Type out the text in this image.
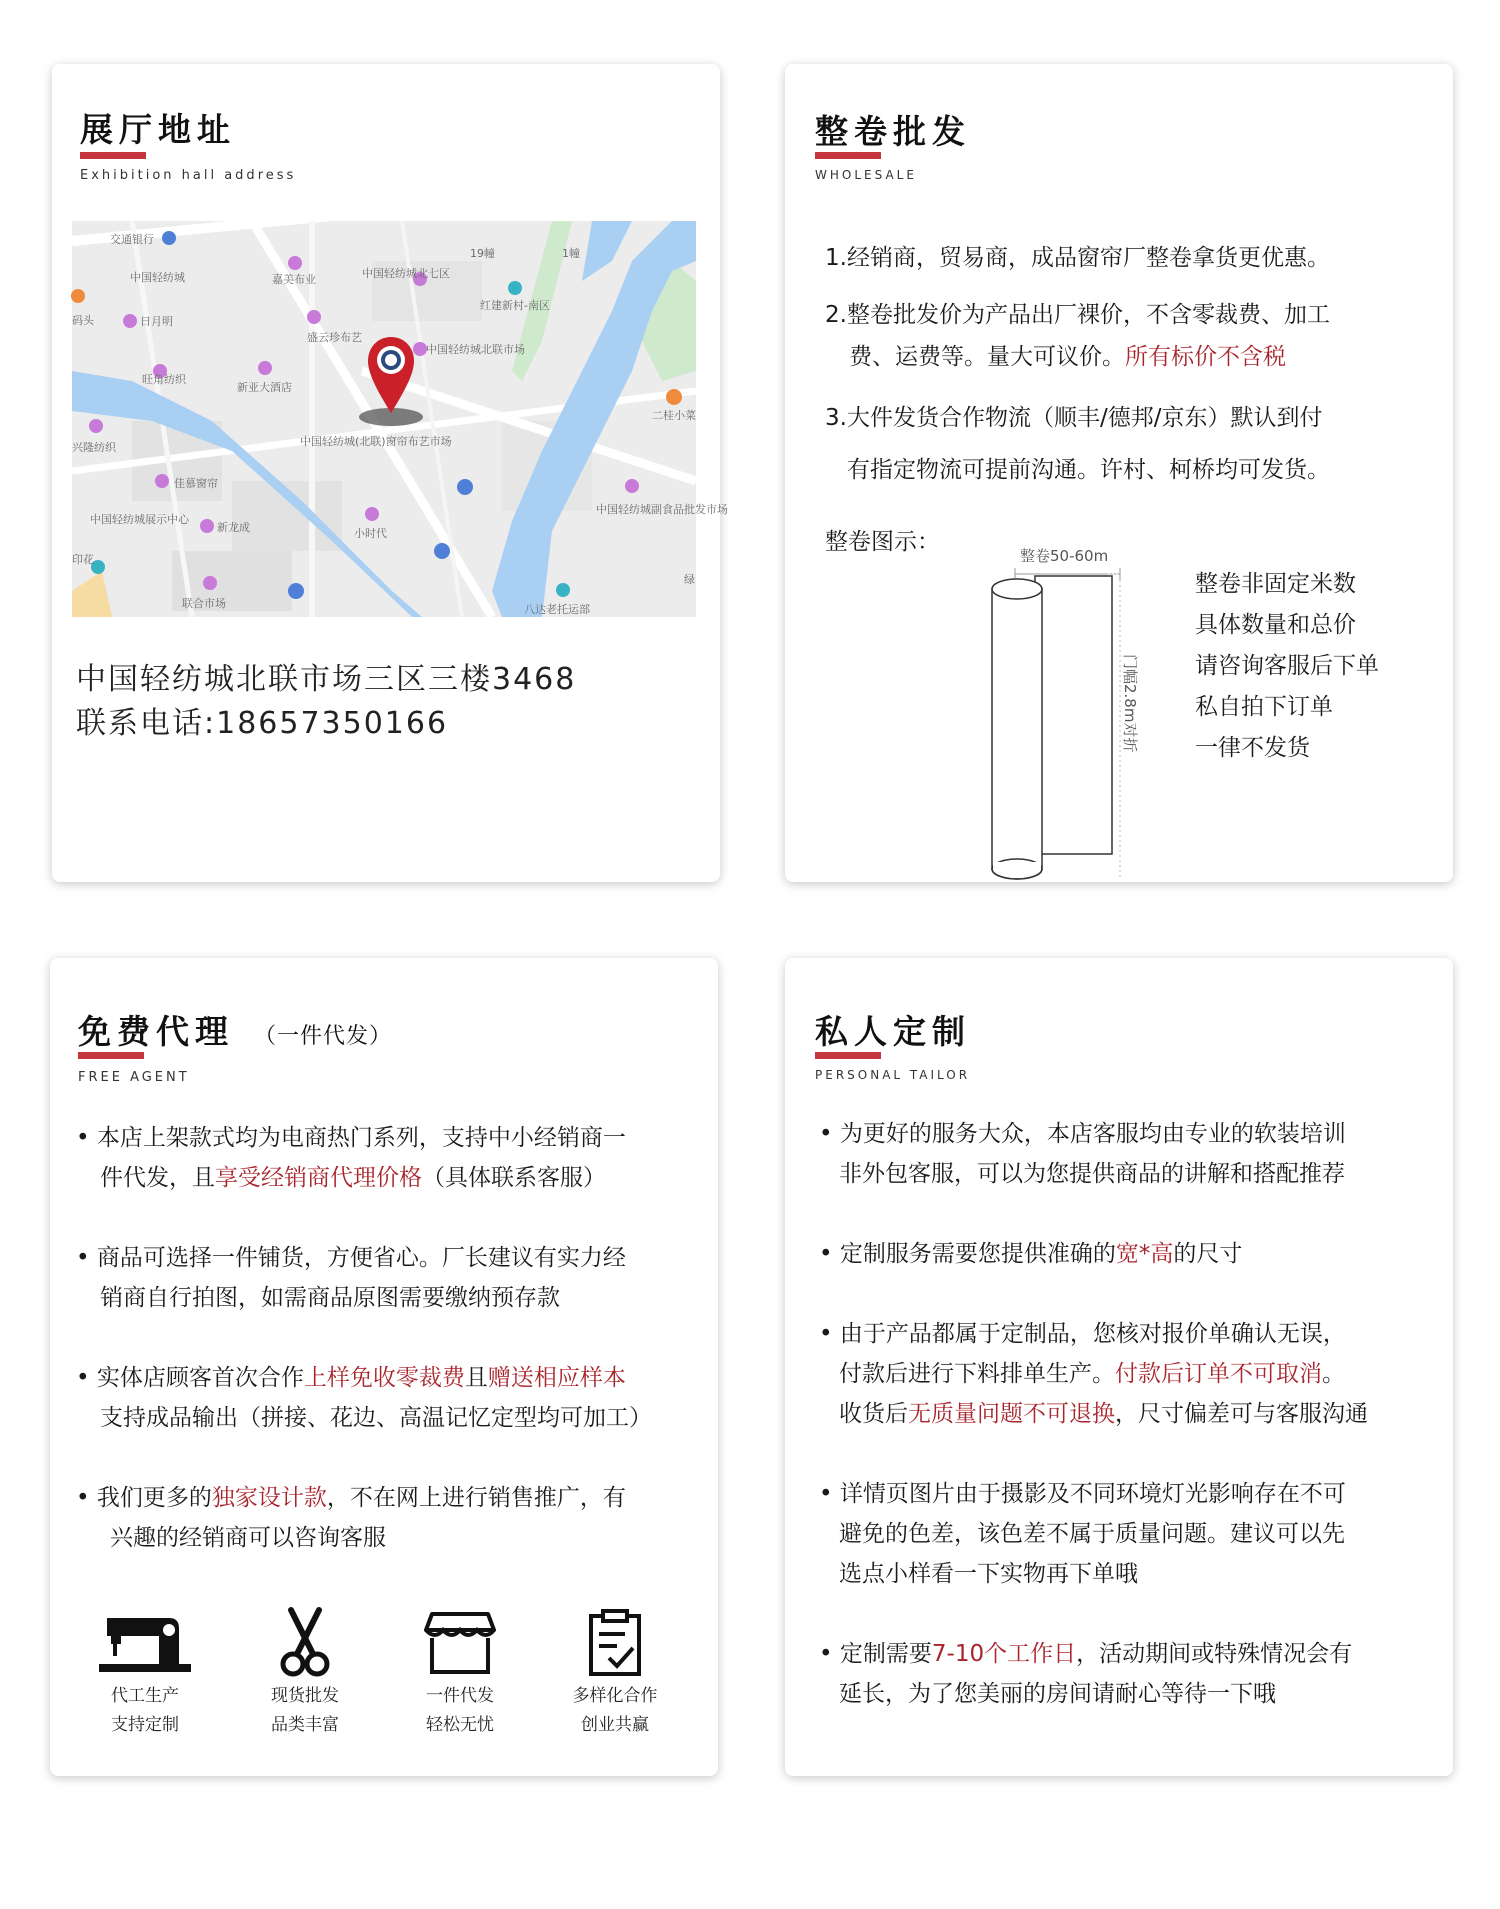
展厅地址
Exhibition hall address
交通银行
中国轻纺城	嘉美布业	中国轻纺城北七区
19幢	1幢
红建新村-南区
码头	日月明
盛云珍布艺
中国轻纺城北联市场
旺角纺织
新亚大酒店
二桂小菜
兴隆纺织	中国轻纺城(北联)窗帘布艺市场
佳慕窗帘
中国轻纺城副食品批发市场
中国轻纺城展示中心
新龙成	小时代
印花
联合市场	八达老托运部
绿
中国轻纺城北联市场三区三楼3468
联系电话:18657350166
整卷批发
WHOLESALE
1.经销商，贸易商，成品窗帘厂整卷拿货更优惠。
2.整卷批发价为产品出厂裸价，不含零裁费、加工
费、运费等。量大可议价。所有标价不含税
3.大件发货合作物流（顺丰/德邦/京东）默认到付
有指定物流可提前沟通。许村、柯桥均可发货。
整卷图示：
整卷50-60m
门幅2.8m对折
整卷非固定米数
具体数量和总价
请咨询客服后下单
私自拍下订单
一律不发货
免费代理 （一件代发）
FREE AGENT
• 本店上架款式均为电商热门系列，支持中小经销商一
件代发，且享受经销商代理价格（具体联系客服）
• 商品可选择一件铺货，方便省心。厂长建议有实力经
销商自行拍图，如需商品原图需要缴纳预存款
• 实体店顾客首次合作上样免收零裁费且赠送相应样本
支持成品输出（拼接、花边、高温记忆定型均可加工）
• 我们更多的独家设计款，不在网上进行销售推广，有
兴趣的经销商可以咨询客服
代工生产
支持定制
现货批发
品类丰富
一件代发
轻松无忧
多样化合作
创业共赢
私人定制
PERSONAL TAILOR
• 为更好的服务大众，本店客服均由专业的软装培训
非外包客服，可以为您提供商品的讲解和搭配推荐
• 定制服务需要您提供准确的宽*高的尺寸
• 由于产品都属于定制品，您核对报价单确认无误，
付款后进行下料排单生产。付款后订单不可取消。
收货后无质量问题不可退换，尺寸偏差可与客服沟通
• 详情页图片由于摄影及不同环境灯光影响存在不可
避免的色差，该色差不属于质量问题。建议可以先
选点小样看一下实物再下单哦
• 定制需要7-10个工作日，活动期间或特殊情况会有
延长，为了您美丽的房间请耐心等待一下哦
